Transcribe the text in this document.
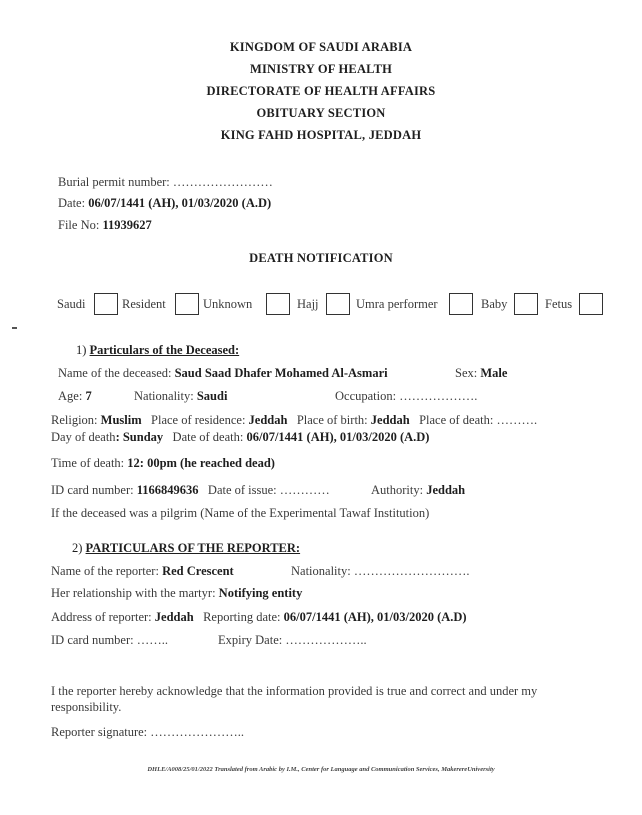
KINGDOM OF SAUDI ARABIA
MINISTRY OF HEALTH
DIRECTORATE OF HEALTH AFFAIRS
OBITUARY SECTION
KING FAHD HOSPITAL, JEDDAH
Burial permit number: ……………………
Date: 06/07/1441 (AH), 01/03/2020 (A.D)
File No: 11939627
DEATH NOTIFICATION
Saudi	Resident	Unknown	Hajj	Umra performer	Baby	Fetus
1) Particulars of the Deceased:
Name of the deceased: Saud Saad Dhafer Mohamed Al-Asmari	Sex: Male
Age: 7	Nationality: Saudi	Occupation: ……………….
Religion: Muslim Place of residence: Jeddah Place of birth: Jeddah Place of death: ……….
Day of death: Sunday Date of death: 06/07/1441 (AH), 01/03/2020 (A.D)
Time of death: 12: 00pm (he reached dead)
ID card number: 1166849636 Date of issue: …………	Authority: Jeddah
If the deceased was a pilgrim (Name of the Experimental Tawaf Institution)
2) PARTICULARS OF THE REPORTER:
Name of the reporter: Red Crescent	Nationality: ……………………….
Her relationship with the martyr: Notifying entity
Address of reporter: Jeddah Reporting date: 06/07/1441 (AH), 01/03/2020 (A.D)
ID card number: ……..	Expiry Date: ………………..
I the reporter hereby acknowledge that the information provided is true and correct and under my
responsibility.
Reporter signature: …………………..
DHLE/A008/25/01/2022 Translated from Arabic by I.M., Center for Language and Communication Services, MakerereUniversity
